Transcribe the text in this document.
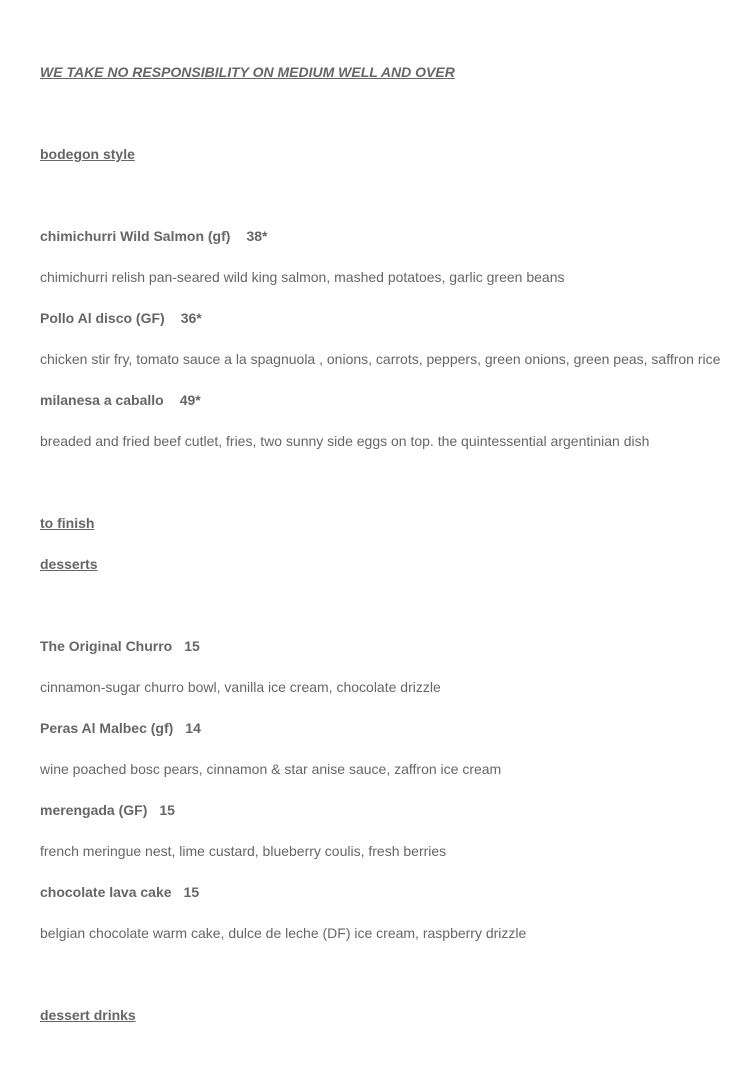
WE TAKE NO RESPONSIBILITY ON MEDIUM WELL AND OVER
bodegon style
chimichurri Wild Salmon (gf) 38*
chimichurri relish pan-seared wild king salmon, mashed potatoes, garlic green beans
Pollo Al disco (GF) 36*
chicken stir fry, tomato sauce a la spagnuola , onions, carrots, peppers, green onions, green peas, saffron rice
milanesa a caballo 49*
breaded and fried beef cutlet, fries, two sunny side eggs on top. the quintessential argentinian dish
to finish
desserts
The Original Churro 15
cinnamon-sugar churro bowl, vanilla ice cream, chocolate drizzle
Peras Al Malbec (gf) 14
wine poached bosc pears, cinnamon & star anise sauce, zaffron ice cream
merengada (GF) 15
french meringue nest, lime custard, blueberry coulis, fresh berries
chocolate lava cake 15
belgian chocolate warm cake, dulce de leche (DF) ice cream, raspberry drizzle
dessert drinks
